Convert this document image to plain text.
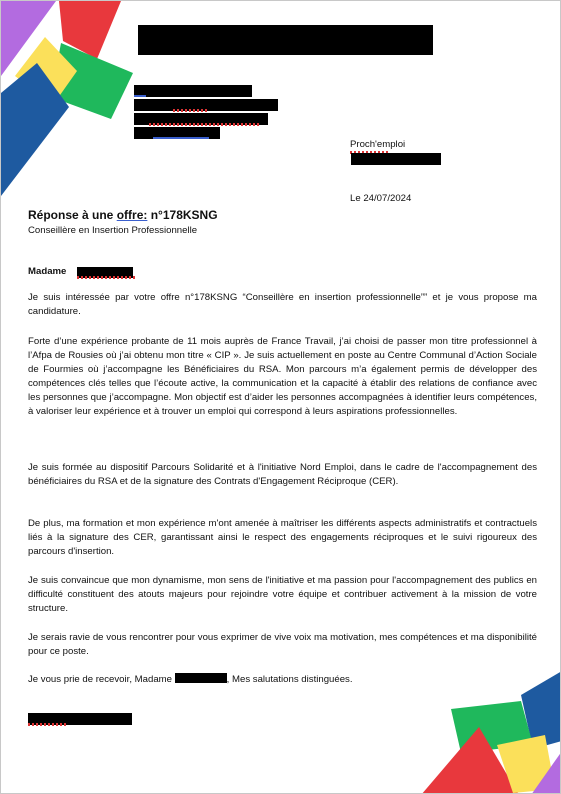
Proch'emploi
Le 24/07/2024
Réponse à une offre: n°178KSNG
Conseillère en Insertion Professionnelle
Madame
Je suis intéressée par votre offre n°178KSNG “Conseillère en insertion professionnelle”” et je vous propose ma candidature.
Forte d’une expérience probante de 11 mois auprès de France Travail, j’ai choisi de passer mon titre professionnel à l’Afpa de Rousies où j’ai obtenu mon titre « CIP ». Je suis actuellement en poste au Centre Communal d’Action Sociale de Fourmies où j’accompagne les Bénéficiaires du RSA. Mon parcours m’a également permis de développer des compétences clés telles que l’écoute active, la communication et la capacité à établir des relations de confiance avec les personnes que j’accompagne. Mon objectif est d’aider les personnes accompagnées à identifier leurs compétences, à valoriser leur expérience et à trouver un emploi qui correspond à leurs aspirations professionnelles.
Je suis formée au dispositif Parcours Solidarité et à l'initiative Nord Emploi, dans le cadre de l'accompagnement des bénéficiaires du RSA et de la signature des Contrats d'Engagement Réciproque (CER).
De plus, ma formation et mon expérience m'ont amenée à maîtriser les différents aspects administratifs et contractuels liés à la signature des CER, garantissant ainsi le respect des engagements réciproques et le suivi rigoureux des parcours d'insertion.
Je suis convaincue que mon dynamisme, mon sens de l'initiative et ma passion pour l'accompagnement des publics en difficulté constituent des atouts majeurs pour rejoindre votre équipe et contribuer activement à la mission de votre structure.
Je serais ravie de vous rencontrer pour vous exprimer de vive voix ma motivation, mes compétences et ma disponibilité pour ce poste.
Je vous prie de recevoir, Madame	, Mes salutations distinguées.
